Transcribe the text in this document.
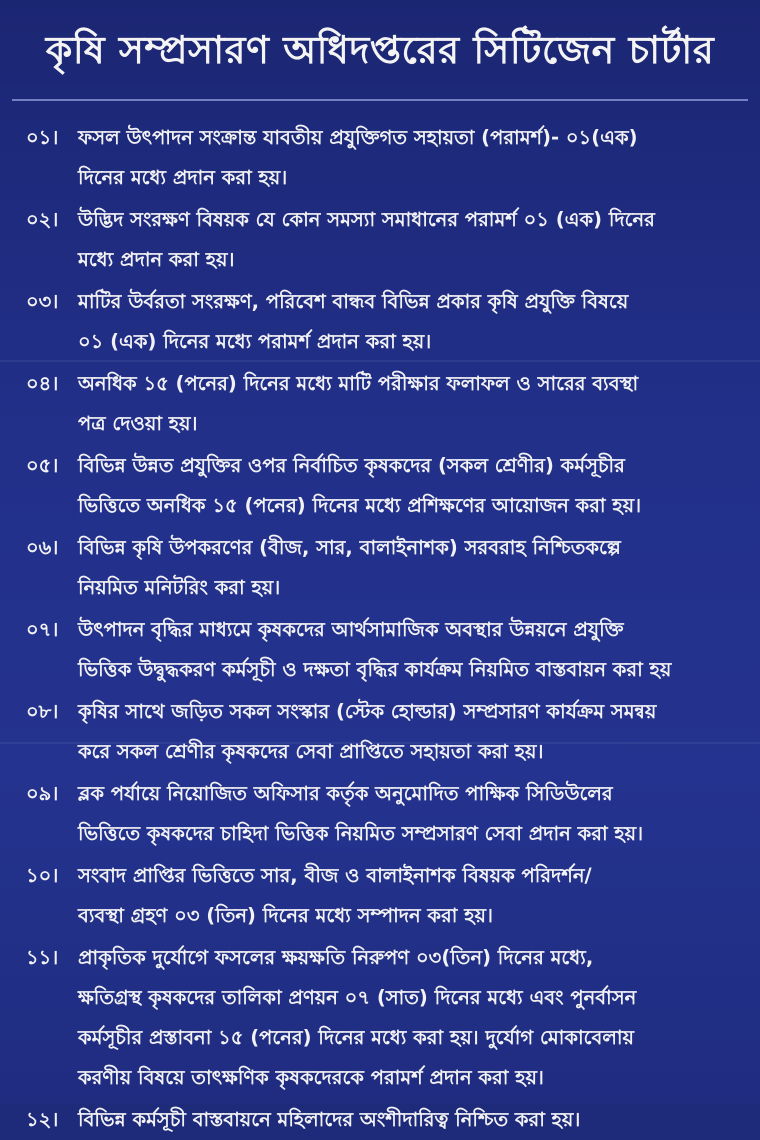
কৃষি সম্প্রসারণ অধিদপ্তরের সিটিজেন চার্টার
০১। ফসল উৎপাদন সংক্রান্ত যাবতীয় প্রযুক্তিগত সহায়তা (পরামর্শ)- ০১(এক)
দিনের মধ্যে প্রদান করা হয়।
০২। উদ্ভিদ সংরক্ষণ বিষয়ক যে কোন সমস্যা সমাধানের পরামর্শ ০১ (এক) দিনের
মধ্যে প্রদান করা হয়।
০৩। মাটির উর্বরতা সংরক্ষণ, পরিবেশ বান্ধব বিভিন্ন প্রকার কৃষি প্রযুক্তি বিষয়ে
০১ (এক) দিনের মধ্যে পরামর্শ প্রদান করা হয়।
০৪। অনধিক ১৫ (পনের) দিনের মধ্যে মাটি পরীক্ষার ফলাফল ও সারের ব্যবস্থা
পত্র দেওয়া হয়।
০৫। বিভিন্ন উন্নত প্রযুক্তির ওপর নির্বাচিত কৃষকদের (সকল শ্রেণীর) কর্মসূচীর
ভিত্তিতে অনধিক ১৫ (পনের) দিনের মধ্যে প্রশিক্ষণের আয়োজন করা হয়।
০৬। বিভিন্ন কৃষি উপকরণের (বীজ, সার, বালাইনাশক) সরবরাহ নিশ্চিতকল্পে
নিয়মিত মনিটরিং করা হয়।
০৭। উৎপাদন বৃদ্ধির মাধ্যমে কৃষকদের আর্থসামাজিক অবস্থার উন্নয়নে প্রযুক্তি
ভিত্তিক উদ্বুদ্ধকরণ কর্মসূচী ও দক্ষতা বৃদ্ধির কার্যক্রম নিয়মিত বাস্তবায়ন করা হয়
০৮। কৃষির সাথে জড়িত সকল সংস্কার (স্টেক হোল্ডার) সম্প্রসারণ কার্যক্রম সমন্বয়
করে সকল শ্রেণীর কৃষকদের সেবা প্রাপ্তিতে সহায়তা করা হয়।
০৯। ব্লক পর্যায়ে নিয়োজিত অফিসার কর্তৃক অনুমোদিত পাক্ষিক সিডিউলের
ভিত্তিতে কৃষকদের চাহিদা ভিত্তিক নিয়মিত সম্প্রসারণ সেবা প্রদান করা হয়।
১০। সংবাদ প্রাপ্তির ভিত্তিতে সার, বীজ ও বালাইনাশক বিষয়ক পরিদর্শন/
ব্যবস্থা গ্রহণ ০৩ (তিন) দিনের মধ্যে সম্পাদন করা হয়।
১১। প্রাকৃতিক দুর্যোগে ফসলের ক্ষয়ক্ষতি নিরুপণ ০৩(তিন) দিনের মধ্যে,
ক্ষতিগ্রস্থ কৃষকদের তালিকা প্রণয়ন ০৭ (সাত) দিনের মধ্যে এবং পুনর্বাসন
কর্মসূচীর প্রস্তাবনা ১৫ (পনের) দিনের মধ্যে করা হয়। দুর্যোগ মোকাবেলায়
করণীয় বিষয়ে তাৎক্ষণিক কৃষকদেরকে পরামর্শ প্রদান করা হয়।
১২। বিভিন্ন কর্মসূচী বাস্তবায়নে মহিলাদের অংশীদারিত্ব নিশ্চিত করা হয়।
